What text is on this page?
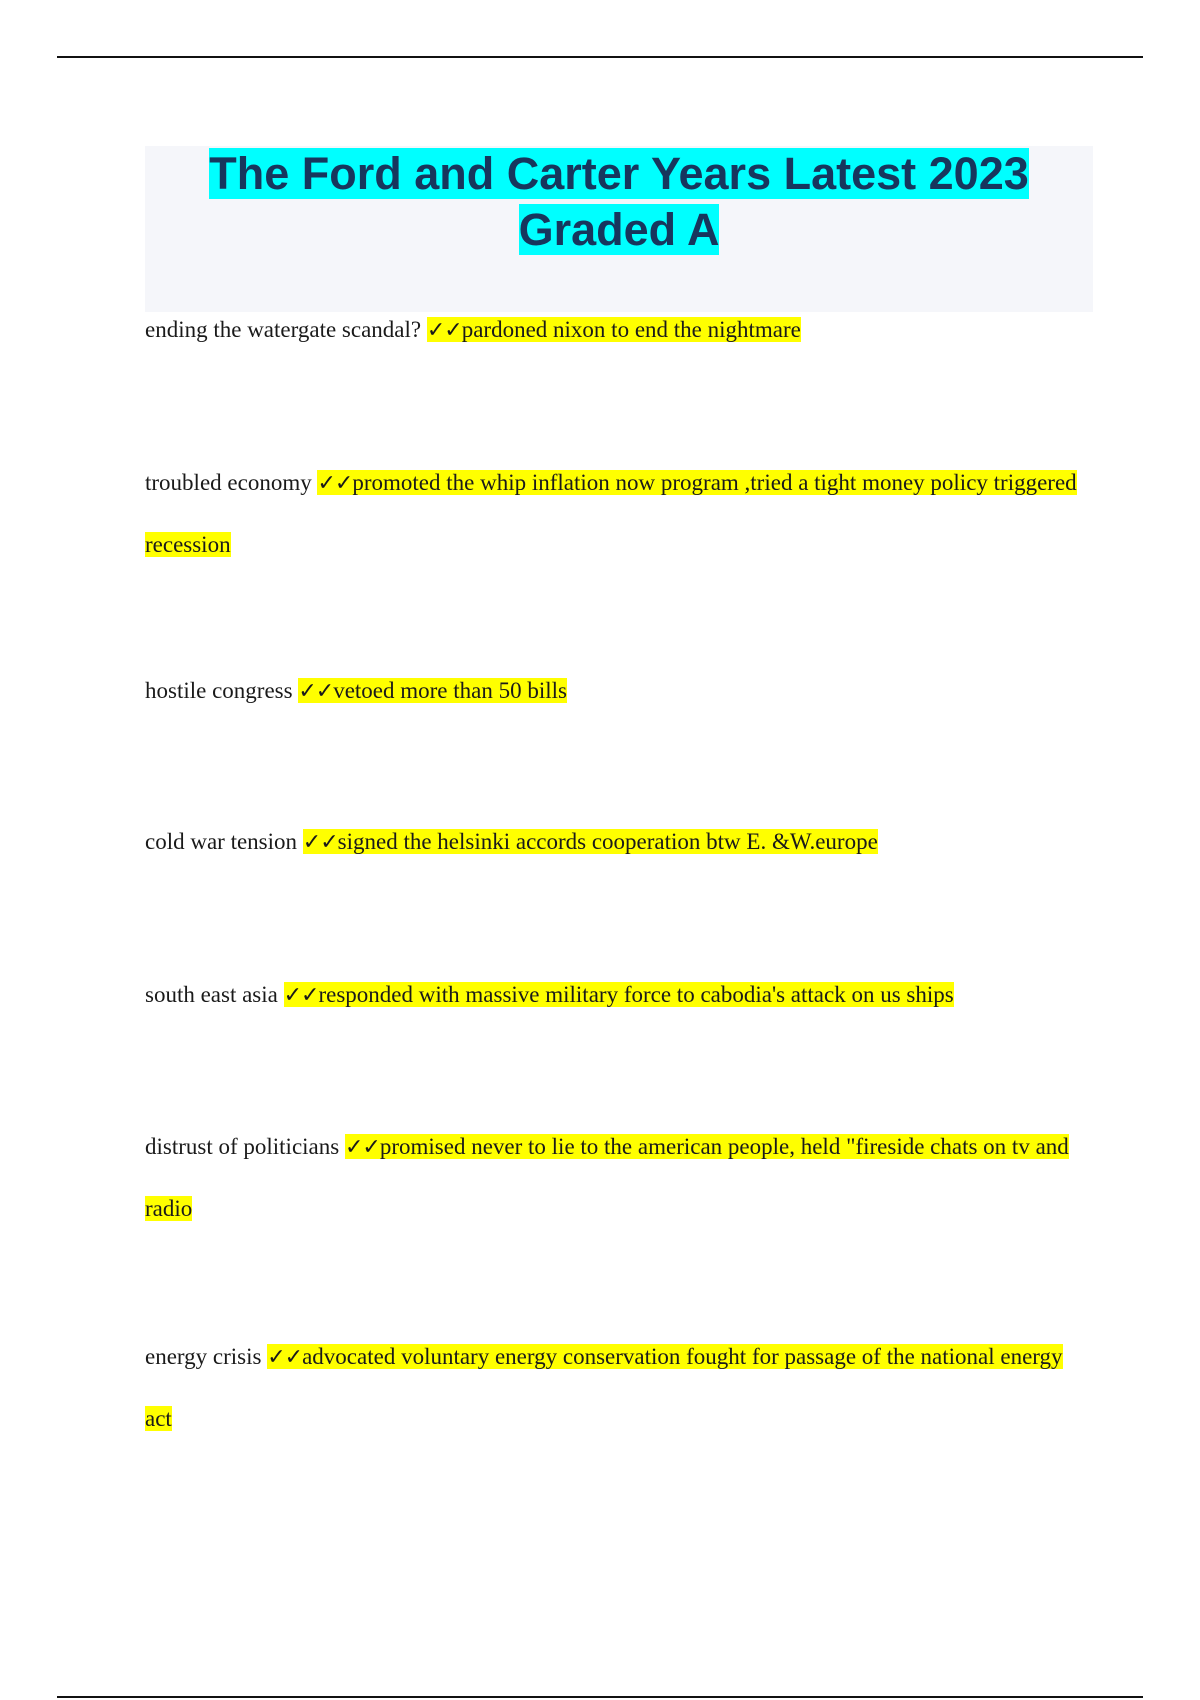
The Ford and Carter Years Latest 2023 Graded A

ending the watergate scandal? ✓✓pardoned nixon to end the nightmare

troubled economy ✓✓promoted the whip inflation now program ,tried a tight money policy triggered recession

hostile congress ✓✓vetoed more than 50 bills

cold war tension ✓✓signed the helsinki accords cooperation btw E. &W.europe

south east asia ✓✓responded with massive military force to cabodia's attack on us ships

distrust of politicians ✓✓promised never to lie to the american people, held "fireside chats on tv and radio

energy crisis ✓✓advocated voluntary energy conservation fought for passage of the national energy act
